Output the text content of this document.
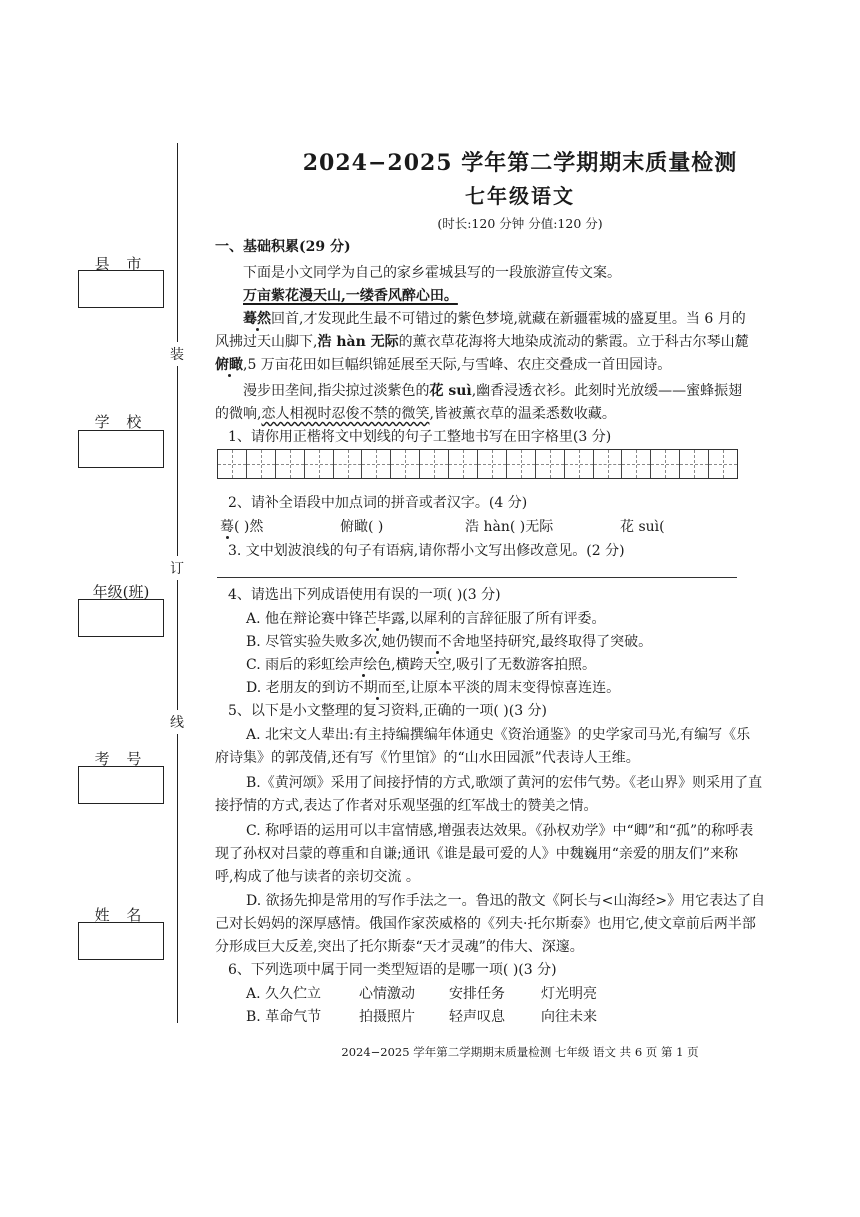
装
订
线
县 市
学 校
年级(班)
考 号
姓 名
2024−2025 学年第二学期期末质量检测
七年级语文
(时长:120 分钟 分值:120 分)
一、基础积累(29 分)
下面是小文同学为自己的家乡霍城县写的一段旅游宣传文案。
万亩紫花漫天山,一缕香风醉心田。
蓦然回首,才发现此生最不可错过的紫色梦境,就藏在新疆霍城的盛夏里。当 6 月的
风拂过天山脚下,浩 hàn 无际的薰衣草花海将大地染成流动的紫霞。立于科古尔琴山麓
俯瞰,5 万亩花田如巨幅织锦延展至天际,与雪峰、农庄交叠成一首田园诗。
漫步田垄间,指尖掠过淡紫色的花 suì,幽香浸透衣衫。此刻时光放缓——蜜蜂振翅
的微响,恋人相视时忍俊不禁的微笑,皆被薰衣草的温柔悉数收藏。
1、请你用正楷将文中划线的句子工整地书写在田字格里(3 分)
2、请补全语段中加点词的拼音或者汉字。(4 分)
蓦( )然	俯瞰( )	浩 hàn( )无际	花 suì(
3. 文中划波浪线的句子有语病,请你帮小文写出修改意见。(2 分)
4、请选出下列成语使用有误的一项( )(3 分)
A. 他在辩论赛中锋芒毕露,以犀利的言辞征服了所有评委。
B. 尽管实验失败多次,她仍锲而不舍地坚持研究,最终取得了突破。
C. 雨后的彩虹绘声绘色,横跨天空,吸引了无数游客拍照。
D. 老朋友的到访不期而至,让原本平淡的周末变得惊喜连连。
5、以下是小文整理的复习资料,正确的一项( )(3 分)
A. 北宋文人辈出:有主持编撰编年体通史《资治通鉴》的史学家司马光,有编写《乐
府诗集》的郭茂倩,还有写《竹里馆》的“山水田园派”代表诗人王维。
B.《黄河颂》采用了间接抒情的方式,歌颂了黄河的宏伟气势。《老山界》则采用了直
接抒情的方式,表达了作者对乐观坚强的红军战士的赞美之情。
C. 称呼语的运用可以丰富情感,增强表达效果。《孙权劝学》中“卿”和“孤”的称呼表
现了孙权对吕蒙的尊重和自谦;通讯《谁是最可爱的人》中魏巍用“亲爱的朋友们”来称
呼,构成了他与读者的亲切交流 。
D. 欲扬先抑是常用的写作手法之一。鲁迅的散文《阿长与<山海经>》用它表达了自
己对长妈妈的深厚感情。俄国作家茨威格的《列夫·托尔斯泰》也用它,使文章前后两半部
分形成巨大反差,突出了托尔斯泰“天才灵魂”的伟大、深邃。
6、下列选项中属于同一类型短语的是哪一项( )(3 分)
A. 久久伫立	心情激动 安排任务	灯光明亮
B. 革命气节	拍摄照片 轻声叹息	向往未来
2024−2025 学年第二学期期末质量检测 七年级 语文 共 6 页 第 1 页
